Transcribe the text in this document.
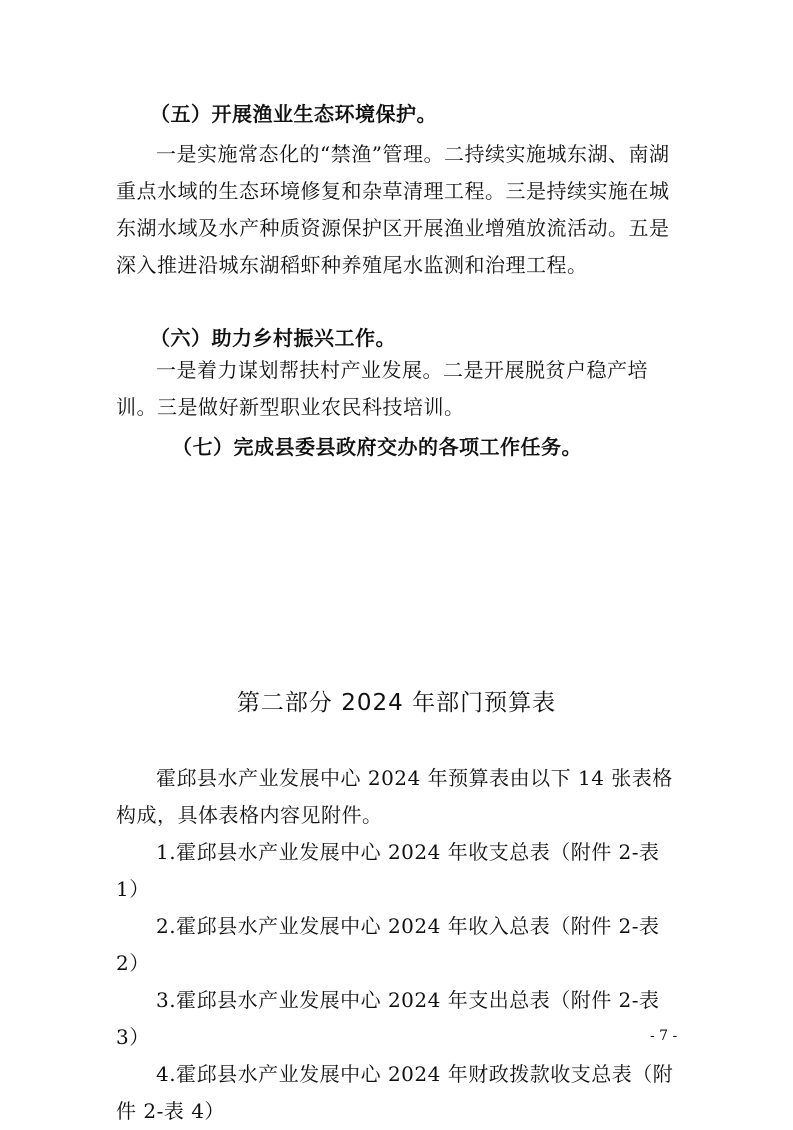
（五）开展渔业生态环境保护。

一是实施常态化的“禁渔”管理。二持续实施城东湖、南湖重点水域的生态环境修复和杂草清理工程。三是持续实施在城东湖水域及水产种质资源保护区开展渔业增殖放流活动。五是深入推进沿城东湖稻虾种养殖尾水监测和治理工程。

（六）助力乡村振兴工作。

一是着力谋划帮扶村产业发展。二是开展脱贫户稳产培训。三是做好新型职业农民科技培训。

（七）完成县委县政府交办的各项工作任务。
第二部分 2024 年部门预算表

霍邱县水产业发展中心 2024 年预算表由以下 14 张表格构成，具体表格内容见附件。

1.霍邱县水产业发展中心 2024 年收支总表（附件 2-表 1）

2.霍邱县水产业发展中心 2024 年收入总表（附件 2-表 2）

3.霍邱县水产业发展中心 2024 年支出总表（附件 2-表 3）

4.霍邱县水产业发展中心 2024 年财政拨款收支总表（附件 2-表 4）

- 7 -
